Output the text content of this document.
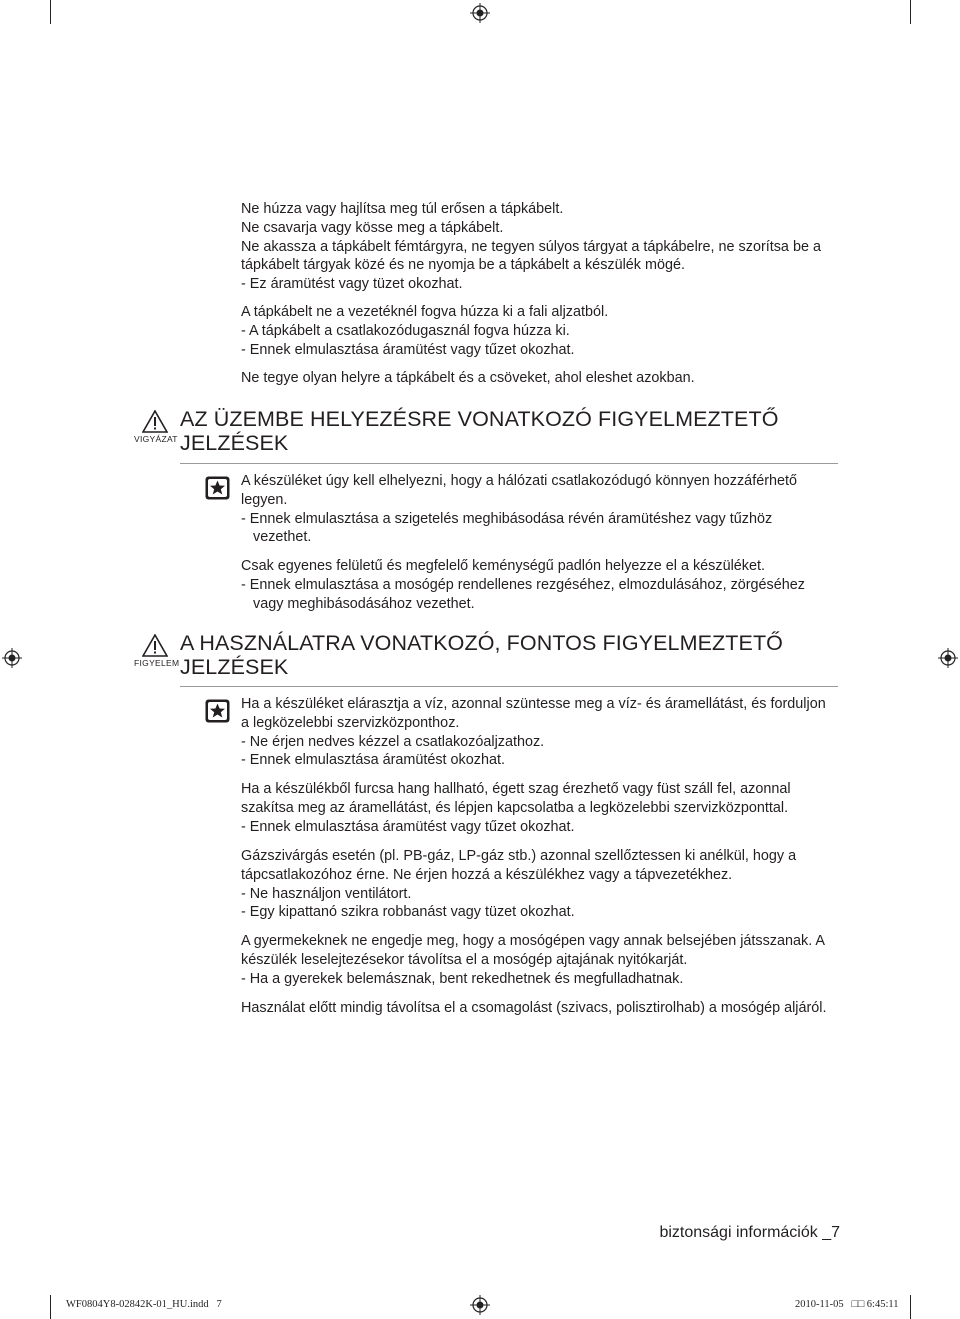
Ne húzza vagy hajlítsa meg túl erősen a tápkábelt.
Ne csavarja vagy kösse meg a tápkábelt.
Ne akassza a tápkábelt fémtárgyra, ne tegyen súlyos tárgyat a tápkábelre, ne szorítsa be a
tápkábelt tárgyak közé és ne nyomja be a tápkábelt a készülék mögé.
- Ez áramütést vagy tüzet okozhat.
A tápkábelt ne a vezetéknél fogva húzza ki a fali aljzatból.
- A tápkábelt a csatlakozódugasznál fogva húzza ki.
- Ennek elmulasztása áramütést vagy tűzet okozhat.
Ne tegye olyan helyre a tápkábelt és a csöveket, ahol eleshet azokban.
VIGYÁZAT
AZ ÜZEMBE HELYEZÉSRE VONATKOZÓ FIGYELMEZTETŐ
JELZÉSEK
A készüléket úgy kell elhelyezni, hogy a hálózati csatlakozódugó könnyen hozzáférhető
legyen.
- Ennek elmulasztása a szigetelés meghibásodása révén áramütéshez vagy tűzhöz
vezethet.
Csak egyenes felületű és megfelelő keménységű padlón helyezze el a készüléket.
- Ennek elmulasztása a mosógép rendellenes rezgéséhez, elmozdulásához, zörgéséhez
vagy meghibásodásához vezethet.
FIGYELEM
A HASZNÁLATRA VONATKOZÓ, FONTOS FIGYELMEZTETŐ
JELZÉSEK
Ha a készüléket elárasztja a víz, azonnal szüntesse meg a víz- és áramellátást, és forduljon
a legközelebbi szervizközponthoz.
- Ne érjen nedves kézzel a csatlakozóaljzathoz.
- Ennek elmulasztása áramütést okozhat.
Ha a készülékből furcsa hang hallható, égett szag érezhető vagy füst száll fel, azonnal
szakítsa meg az áramellátást, és lépjen kapcsolatba a legközelebbi szervizközponttal.
- Ennek elmulasztása áramütést vagy tűzet okozhat.
Gázszivárgás esetén (pl. PB-gáz, LP-gáz stb.) azonnal szellőztessen ki anélkül, hogy a
tápcsatlakozóhoz érne. Ne érjen hozzá a készülékhez vagy a tápvezetékhez.
- Ne használjon ventilátort.
- Egy kipattanó szikra robbanást vagy tüzet okozhat.
A gyermekeknek ne engedje meg, hogy a mosógépen vagy annak belsejében játsszanak. A
készülék leselejtezésekor távolítsa el a mosógép ajtajának nyitókarját.
- Ha a gyerekek belemásznak, bent rekedhetnek és megfulladhatnak.
Használat előtt mindig távolítsa el a csomagolást (szivacs, polisztirolhab) a mosógép aljáról.
biztonsági információk _7
WF0804Y8-02842K-01_HU.indd   7	2010-11-05   □□ 6:45:11
